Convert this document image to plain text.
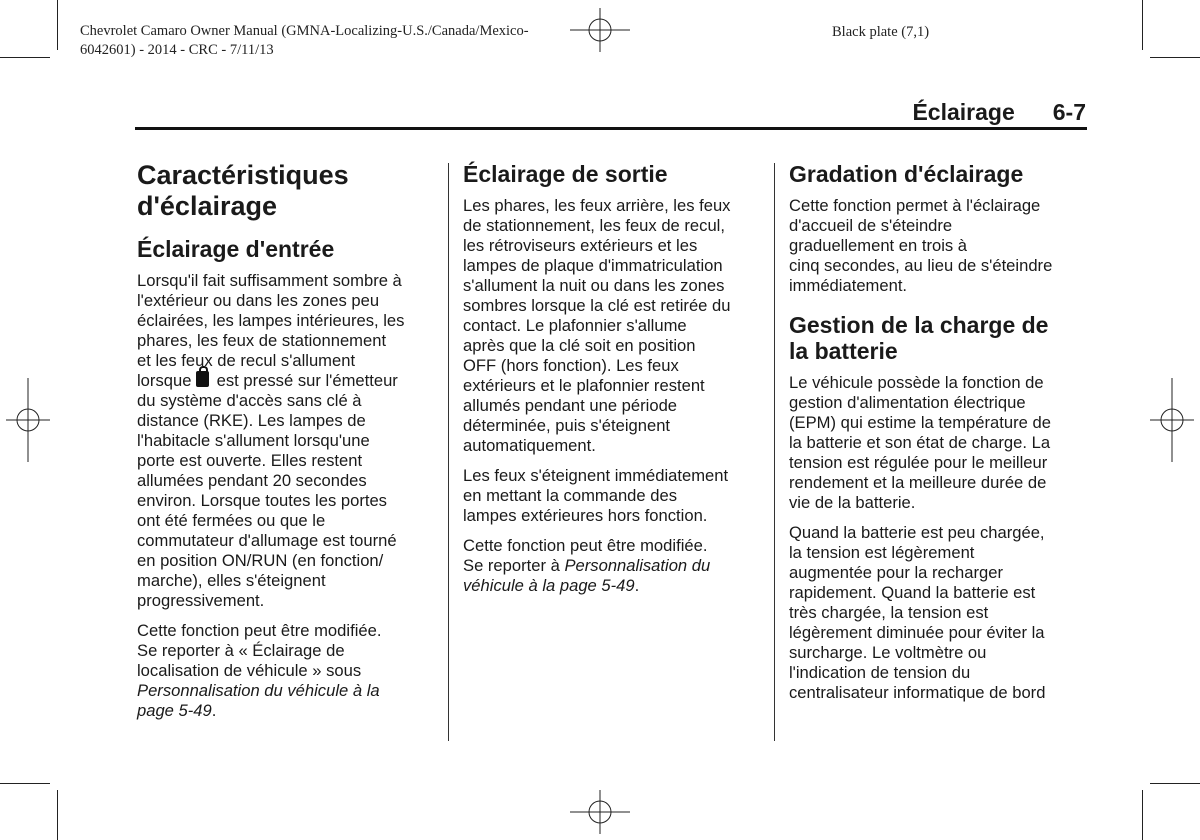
Chevrolet Camaro Owner Manual (GMNA-Localizing-U.S./Canada/Mexico-
6042601) - 2014 - CRC - 7/11/13
Black plate (7,1)
Éclairage 6-7
Caractéristiques
d'éclairage
Éclairage d'entrée

Lorsqu'il fait suffisamment sombre à
l'extérieur ou dans les zones peu
éclairées, les lampes intérieures, les
phares, les feux de stationnement
et les feux de recul s'allument
lorsque  est pressé sur l'émetteur
du système d'accès sans clé à
distance (RKE). Les lampes de
l'habitacle s'allument lorsqu'une
porte est ouverte. Elles restent
allumées pendant 20 secondes
environ. Lorsque toutes les portes
ont été fermées ou que le
commutateur d'allumage est tourné
en position ON/RUN (en fonction/
marche), elles s'éteignent
progressivement.

Cette fonction peut être modifiée.
Se reporter à « Éclairage de
localisation de véhicule » sous
Personnalisation du véhicule à la
page 5-49.

Éclairage de sortie

Les phares, les feux arrière, les feux
de stationnement, les feux de recul,
les rétroviseurs extérieurs et les
lampes de plaque d'immatriculation
s'allument la nuit ou dans les zones
sombres lorsque la clé est retirée du
contact. Le plafonnier s'allume
après que la clé soit en position
OFF (hors fonction). Les feux
extérieurs et le plafonnier restent
allumés pendant une période
déterminée, puis s'éteignent
automatiquement.

Les feux s'éteignent immédiatement
en mettant la commande des
lampes extérieures hors fonction.

Cette fonction peut être modifiée.
Se reporter à Personnalisation du
véhicule à la page 5-49.

Gradation d'éclairage

Cette fonction permet à l'éclairage
d'accueil de s'éteindre
graduellement en trois à
cinq secondes, au lieu de s'éteindre
immédiatement.

Gestion de la charge de
la batterie

Le véhicule possède la fonction de
gestion d'alimentation électrique
(EPM) qui estime la température de
la batterie et son état de charge. La
tension est régulée pour le meilleur
rendement et la meilleure durée de
vie de la batterie.

Quand la batterie est peu chargée,
la tension est légèrement
augmentée pour la recharger
rapidement. Quand la batterie est
très chargée, la tension est
légèrement diminuée pour éviter la
surcharge. Le voltmètre ou
l'indication de tension du
centralisateur informatique de bord
